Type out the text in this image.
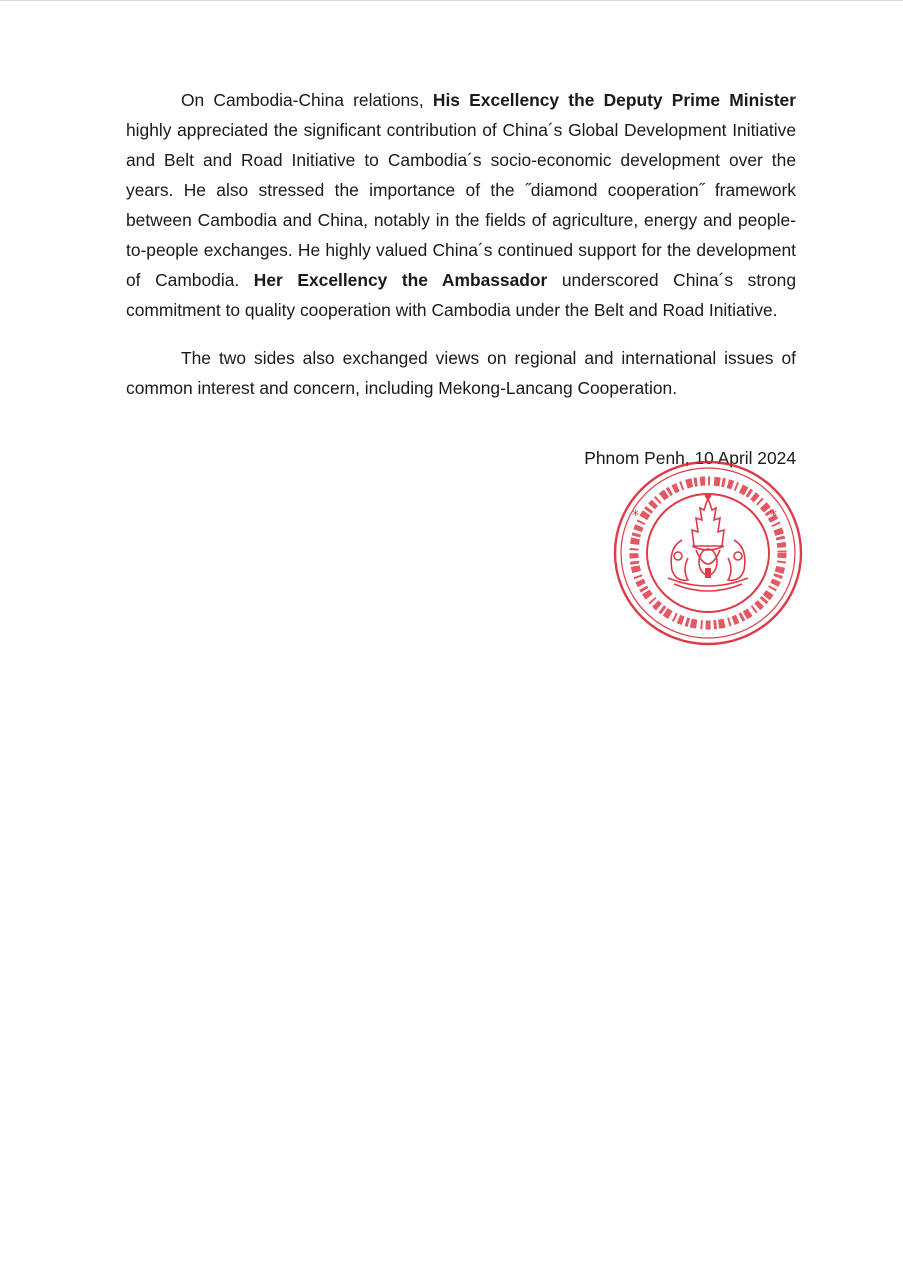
On Cambodia-China relations, His Excellency the Deputy Prime Minister highly appreciated the significant contribution of China´s Global Development Initiative and Belt and Road Initiative to Cambodia´s socio-economic development over the years. He also stressed the importance of the ˝diamond cooperation˝ framework between Cambodia and China, notably in the fields of agriculture, energy and people-to-people exchanges. He highly valued China´s continued support for the development of Cambodia. Her Excellency the Ambassador underscored China´s strong commitment to quality cooperation with Cambodia under the Belt and Road Initiative.

The two sides also exchanged views on regional and international issues of common interest and concern, including Mekong-Lancang Cooperation.

Phnom Penh, 10 April 2024
*	*
